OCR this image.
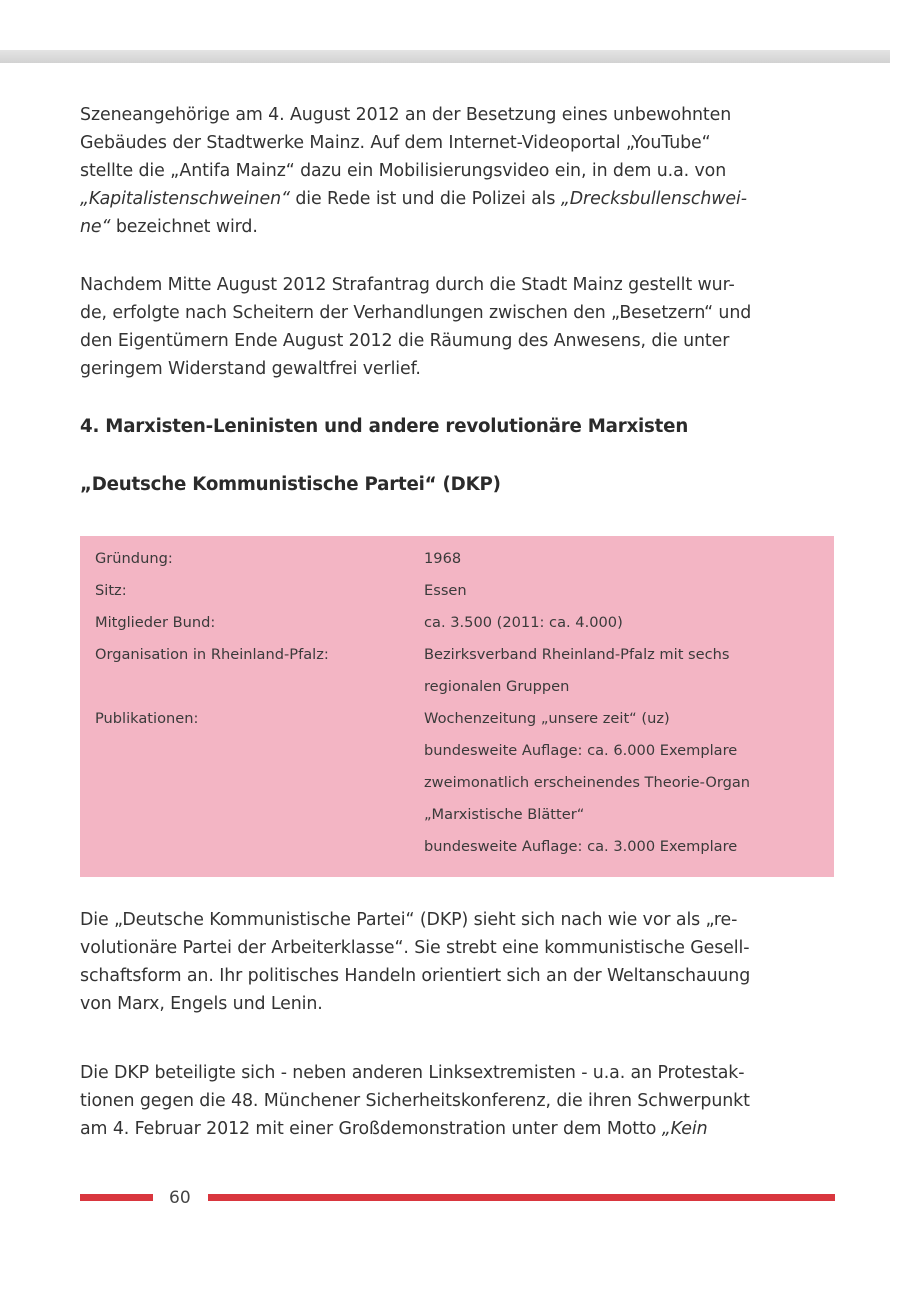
Szeneangehörige am 4. August 2012 an der Besetzung eines unbewohnten
Gebäudes der Stadtwerke Mainz. Auf dem Internet-Videoportal „YouTube“
stellte die „Antifa Mainz“ dazu ein Mobilisierungsvideo ein, in dem u.a. von
„Kapitalistenschweinen“ die Rede ist und die Polizei als „Drecksbullenschwei-
ne“ bezeichnet wird.

Nachdem Mitte August 2012 Strafantrag durch die Stadt Mainz gestellt wur-
de, erfolgte nach Scheitern der Verhandlungen zwischen den „Besetzern“ und
den Eigentümern Ende August 2012 die Räumung des Anwesens, die unter
geringem Widerstand gewaltfrei verlief.

4. Marxisten-Leninisten und andere revolutionäre Marxisten
„Deutsche Kommunistische Partei“ (DKP)
Gründung:	1968
Sitz:	Essen
Mitglieder Bund:	ca. 3.500 (2011: ca. 4.000)
Organisation in Rheinland-Pfalz:	Bezirksverband Rheinland-Pfalz mit sechs
regionalen Gruppen
Publikationen:	Wochenzeitung „unsere zeit“ (uz)
bundesweite Auflage: ca. 6.000 Exemplare
zweimonatlich erscheinendes Theorie-Organ
„Marxistische Blätter“
bundesweite Auflage: ca. 3.000 Exemplare

Die „Deutsche Kommunistische Partei“ (DKP) sieht sich nach wie vor als „re-
volutionäre Partei der Arbeiterklasse“. Sie strebt eine kommunistische Gesell-
schaftsform an. Ihr politisches Handeln orientiert sich an der Weltanschauung
von Marx, Engels und Lenin.

Die DKP beteiligte sich - neben anderen Linksextremisten - u.a. an Protestak-
tionen gegen die 48. Münchener Sicherheitskonferenz, die ihren Schwerpunkt
am 4. Februar 2012 mit einer Großdemonstration unter dem Motto „Kein

60
